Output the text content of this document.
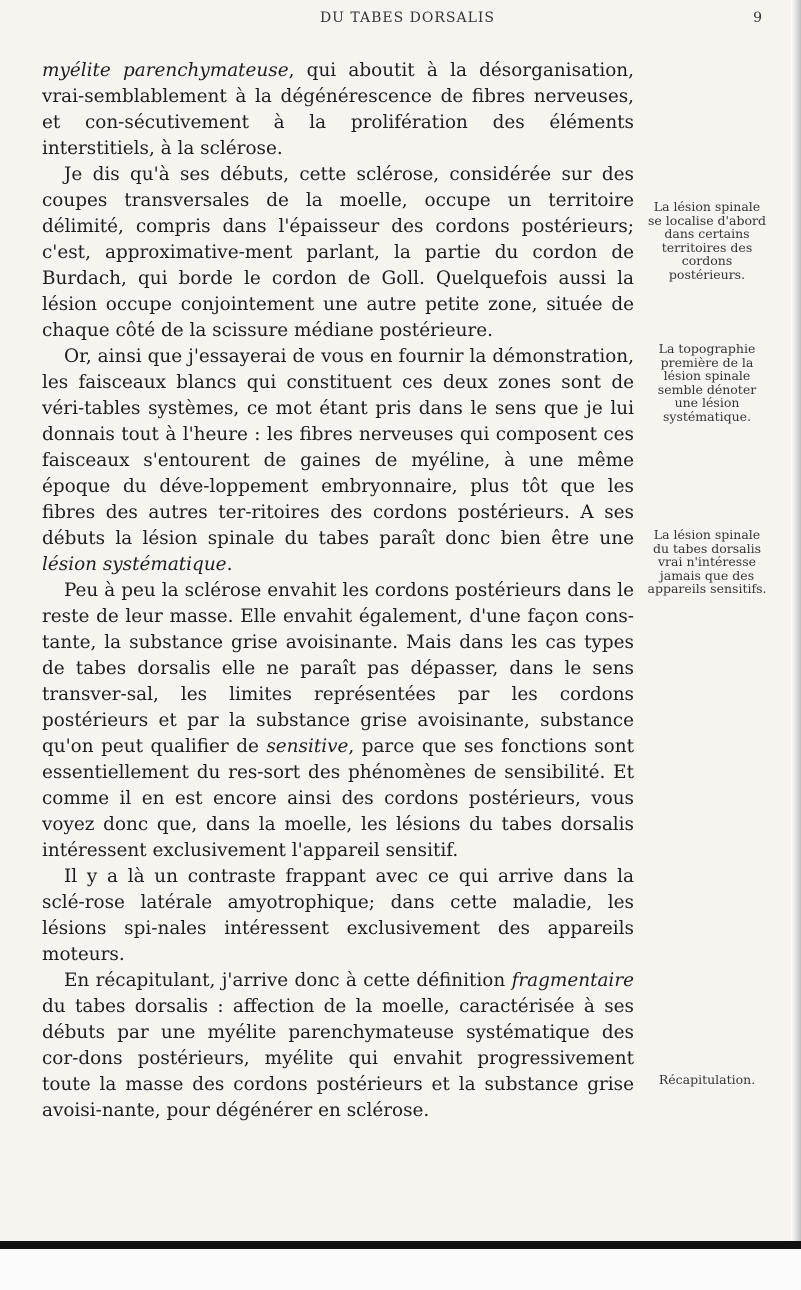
DU TABES DORSALIS	9

myélite parenchymateuse, qui aboutit à la désorganisation, vrai-semblablement à la dégénérescence de fibres nerveuses, et con-sécutivement à la prolifération des éléments interstitiels, à la sclérose.

Je dis qu'à ses débuts, cette sclérose, considérée sur des coupes transversales de la moelle, occupe un territoire délimité, compris dans l'épaisseur des cordons postérieurs; c'est, approximative-ment parlant, la partie du cordon de Burdach, qui borde le cordon de Goll. Quelquefois aussi la lésion occupe conjointement une autre petite zone, située de chaque côté de la scissure médiane postérieure.

Or, ainsi que j'essayerai de vous en fournir la démonstration, les faisceaux blancs qui constituent ces deux zones sont de véri-tables systèmes, ce mot étant pris dans le sens que je lui donnais tout à l'heure : les fibres nerveuses qui composent ces faisceaux s'entourent de gaines de myéline, à une même époque du déve-loppement embryonnaire, plus tôt que les fibres des autres ter-ritoires des cordons postérieurs. A ses débuts la lésion spinale du tabes paraît donc bien être une lésion systématique.

Peu à peu la sclérose envahit les cordons postérieurs dans le reste de leur masse. Elle envahit également, d'une façon cons-tante, la substance grise avoisinante. Mais dans les cas types de tabes dorsalis elle ne paraît pas dépasser, dans le sens transver-sal, les limites représentées par les cordons postérieurs et par la substance grise avoisinante, substance qu'on peut qualifier de sensitive, parce que ses fonctions sont essentiellement du res-sort des phénomènes de sensibilité. Et comme il en est encore ainsi des cordons postérieurs, vous voyez donc que, dans la moelle, les lésions du tabes dorsalis intéressent exclusivement l'appareil sensitif.

Il y a là un contraste frappant avec ce qui arrive dans la sclé-rose latérale amyotrophique; dans cette maladie, les lésions spi-nales intéressent exclusivement des appareils moteurs.

En récapitulant, j'arrive donc à cette définition fragmentaire du tabes dorsalis : affection de la moelle, caractérisée à ses débuts par une myélite parenchymateuse systématique des cor-dons postérieurs, myélite qui envahit progressivement toute la masse des cordons postérieurs et la substance grise avoisi-nante, pour dégénérer en sclérose.

La lésion spinale se localise d'abord dans certains territoires des cordons postérieurs.
La topographie première de la lésion spinale semble dénoter une lésion systématique.
La lésion spinale du tabes dorsalis vrai n'intéresse jamais que des appareils sensitifs.
Récapitulation.
